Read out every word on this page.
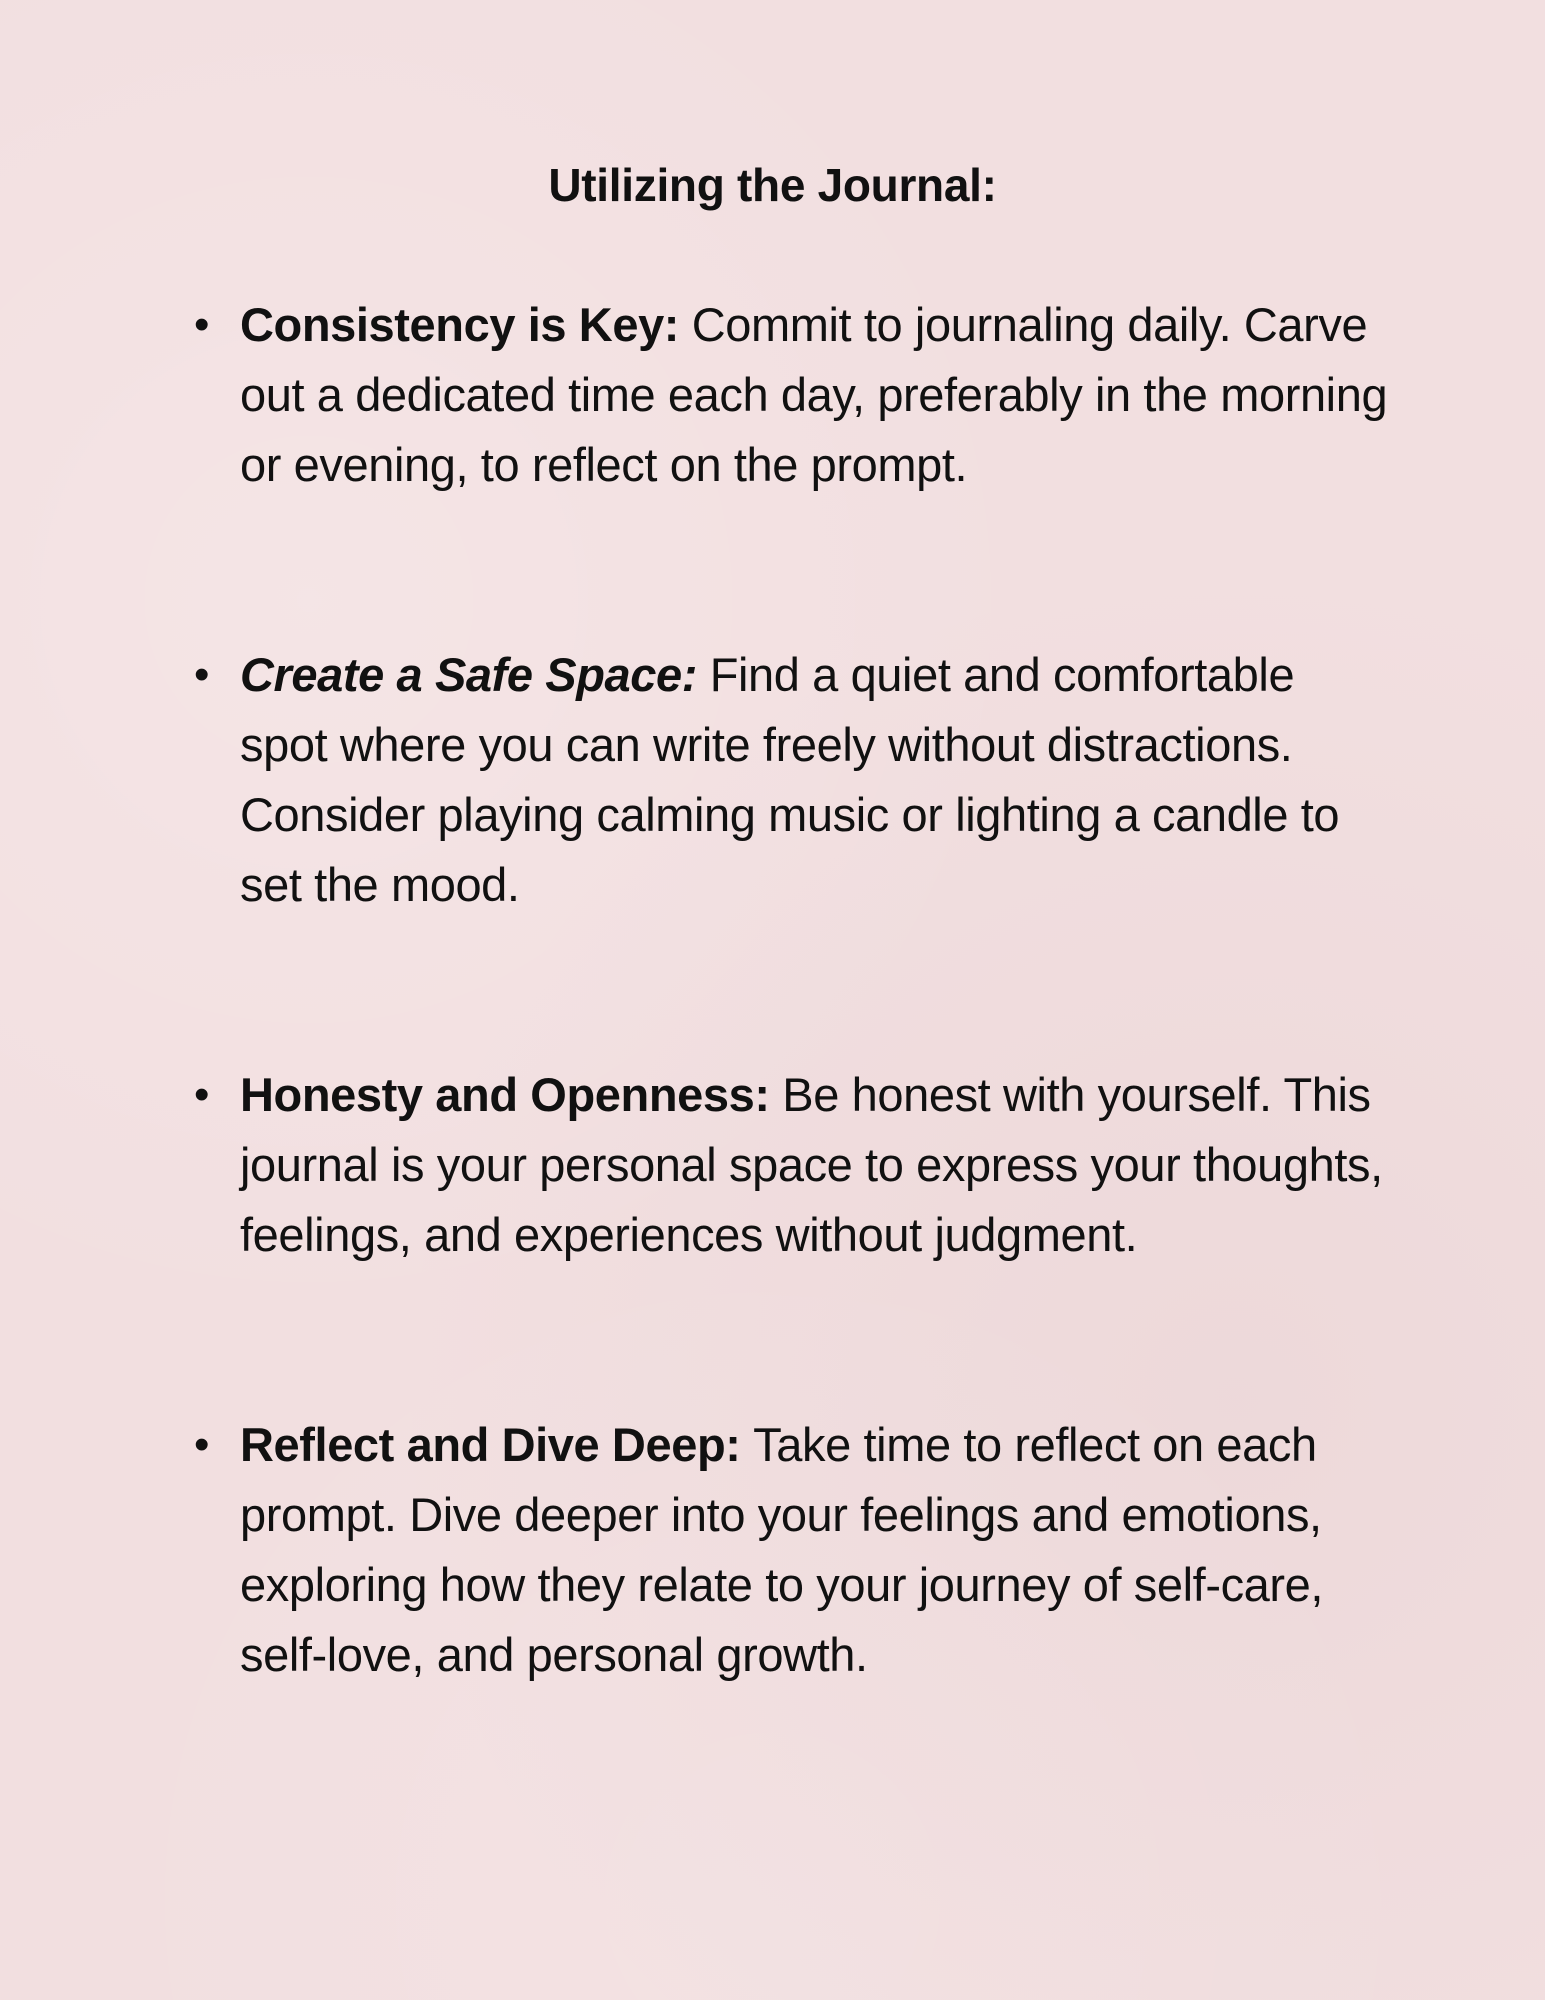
Utilizing the Journal:
• Consistency is Key: Commit to journaling daily. Carve out a dedicated time each day, preferably in the morning or evening, to reflect on the prompt.
• Create a Safe Space: Find a quiet and comfortable spot where you can write freely without distractions. Consider playing calming music or lighting a candle to set the mood.
• Honesty and Openness: Be honest with yourself. This journal is your personal space to express your thoughts, feelings, and experiences without judgment.
• Reflect and Dive Deep: Take time to reflect on each prompt. Dive deeper into your feelings and emotions, exploring how they relate to your journey of self-care, self-love, and personal growth.
